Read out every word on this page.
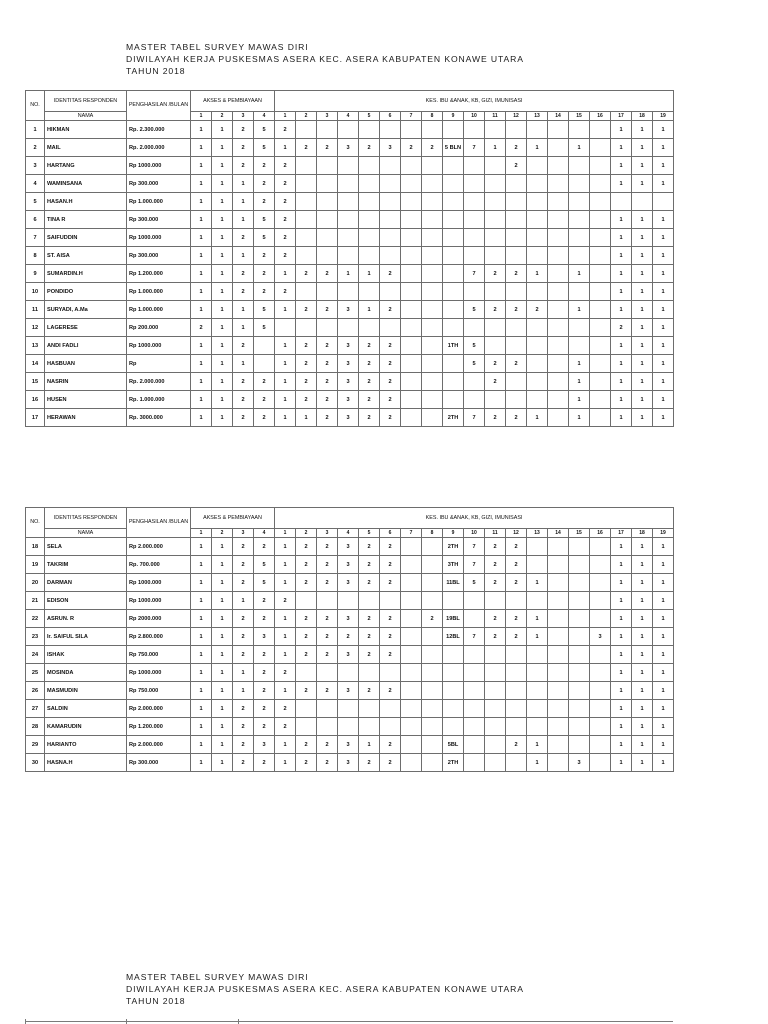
MASTER TABEL SURVEY MAWAS DIRI
DIWILAYAH KERJA PUSKESMAS ASERA KEC. ASERA KABUPATEN KONAWE UTARA
TAHUN 2018
NO.	IDENTITAS RESPONDEN	PENGHASILAN /BULAN	AKSES & PEMBIAYAAN				KES. IBU &ANAK, KB, GIZI, IMUNISASI																		
	NAMA		1	2	3	4	1	2	3	4	5	6	7	8	9	10	11	12	13	14	15	16	17	18	19
1	HIKMAN	Rp. 2.300.000	1	1	2	5	2																1	1	1
2	MAIL	Rp. 2.000.000	1	1	2	5	1	2	2	3	2	3	2	2	5 BLN	7	1	2	1		1		1	1	1
3	HARTANG	Rp 1000.000	1	1	2	2	2											2					1	1	1
4	WAMINSANA	Rp 300.000	1	1	1	2	2																1	1	1
5	HASAN.H	Rp 1.000.000	1	1	1	2	2																		
6	TINA R	Rp 300.000	1	1	1	5	2																1	1	1
7	SAIFUDDIN	Rp 1000.000	1	1	2	5	2																1	1	1
8	ST. AISA	Rp 300.000	1	1	1	2	2																1	1	1
9	SUMARDIN.H	Rp 1.200.000	1	1	2	2	1	2	2	1	1	2				7	2	2	1		1		1	1	1
10	PONDIDO	Rp 1.000.000	1	1	2	2	2																1	1	1
11	SURYADI, A.Ma	Rp 1.000.000	1	1	1	5	1	2	2	3	1	2				5	2	2	2		1		1	1	1
12	LAGERESE	Rp 200.000	2	1	1	5																	2	1	1
13	ANDI FADLI	Rp 1000.000	1	1	2		1	2	2	3	2	2			1TH	5							1	1	1
14	HASBUAN	Rp	1	1	1		1	2	2	3	2	2				5	2	2			1		1	1	1
15	NASRIN	Rp. 2.000.000	1	1	2	2	1	2	2	3	2	2					2				1		1	1	1
16	HUSEN	Rp. 1.000.000	1	1	2	2	1	2	2	3	2	2									1		1	1	1
17	HERAWAN	Rp. 3000.000	1	1	2	2	1	1	2	3	2	2			2TH	7	2	2	1		1		1	1	1
NO.	IDENTITAS RESPONDEN	PENGHASILAN /BULAN	AKSES & PEMBIAYAAN				KES. IBU &ANAK, KB, GIZI, IMUNISASI																		
	NAMA		1	2	3	4	1	2	3	4	5	6	7	8	9	10	11	12	13	14	15	16	17	18	19
18	SELA	Rp 2.000.000	1	1	2	2	1	2	2	3	2	2			2TH	7	2	2					1	1	1
19	TAKRIM	Rp. 700.000	1	1	2	5	1	2	2	3	2	2			3TH	7	2	2					1	1	1
20	DARMAN	Rp 1000.000	1	1	2	5	1	2	2	3	2	2			11BL	5	2	2	1				1	1	1
21	EDISON	Rp 1000.000	1	1	1	2	2																1	1	1
22	ASRUN. R	Rp 2000.000	1	1	2	2	1	2	2	3	2	2		2	19BL		2	2	1				1	1	1
23	Ir. SAIFUL SILA	Rp 2.800.000	1	1	2	3	1	2	2	2	2	2			12BL	7	2	2	1			3	1	1	1
24	ISHAK	Rp 750.000	1	1	2	2	1	2	2	3	2	2											1	1	1
25	MOSINDA	Rp 1000.000	1	1	1	2	2																1	1	1
26	MASMUDIN	Rp 750.000	1	1	1	2	1	2	2	3	2	2											1	1	1
27	SALDIN	Rp 2.000.000	1	1	2	2	2																1	1	1
28	KAMARUDIN	Rp 1.200.000	1	1	2	2	2																1	1	1
29	HARIANTO	Rp 2.000.000	1	1	2	3	1	2	2	3	1	2			5BL			2	1				1	1	1
30	HASNA.H	Rp 300.000	1	1	2	2	1	2	2	3	2	2			2TH				1		3		1	1	1
MASTER TABEL SURVEY MAWAS DIRI
DIWILAYAH KERJA PUSKESMAS ASERA KEC. ASERA KABUPATEN KONAWE UTARA
TAHUN 2018
